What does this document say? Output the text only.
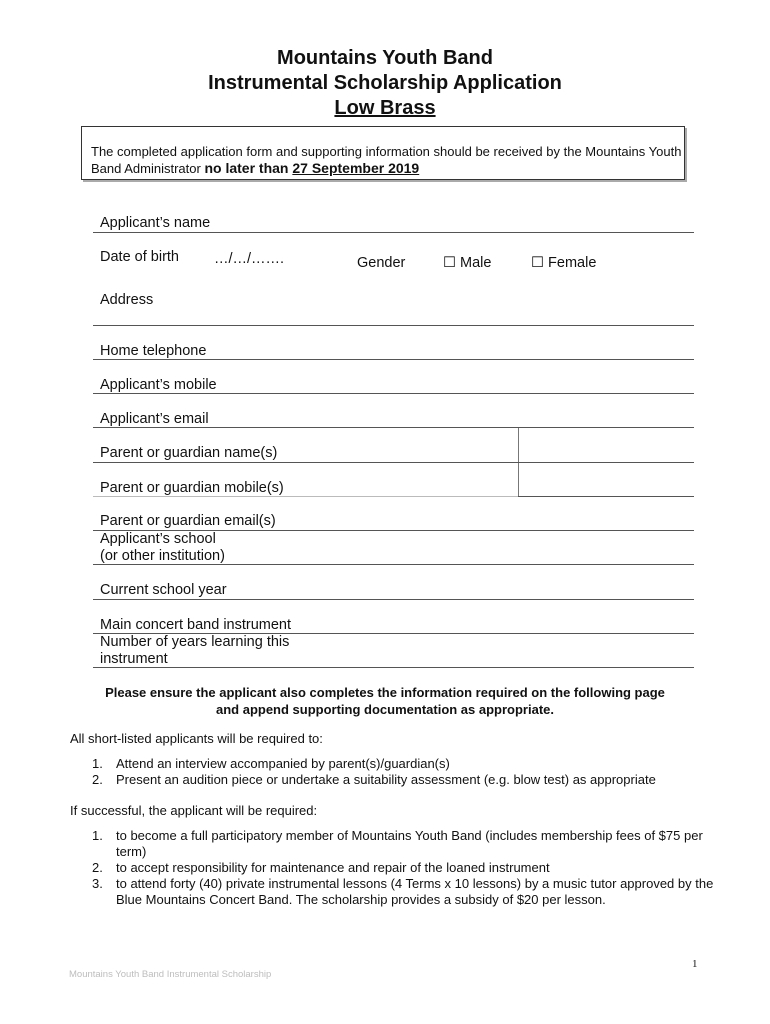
Mountains Youth Band
Instrumental Scholarship Application
Low Brass
The completed application form and supporting information should be received by the Mountains Youth Band Administrator no later than 27 September 2019
Applicant’s name
Date of birth …/…/…….	Gender	☐ Male	☐ Female
Address
Home telephone
Applicant’s mobile
Applicant’s email
Parent or guardian name(s)
Parent or guardian mobile(s)
Parent or guardian email(s)
Applicant’s school
(or other institution)
Current school year
Main concert band instrument
Number of years learning this
instrument
Please ensure the applicant also completes the information required on the following page
and append supporting documentation as appropriate.
All short-listed applicants will be required to:
1. Attend an interview accompanied by parent(s)/guardian(s)
2. Present an audition piece or undertake a suitability assessment (e.g. blow test) as appropriate
If successful, the applicant will be required:
1. to become a full participatory member of Mountains Youth Band (includes membership fees of $75 per term)
2. to accept responsibility for maintenance and repair of the loaned instrument
3. to attend forty (40) private instrumental lessons (4 Terms x 10 lessons) by a music tutor approved by the Blue Mountains Concert Band. The scholarship provides a subsidy of $20 per lesson.
1
Mountains Youth Band Instrumental Scholarship
